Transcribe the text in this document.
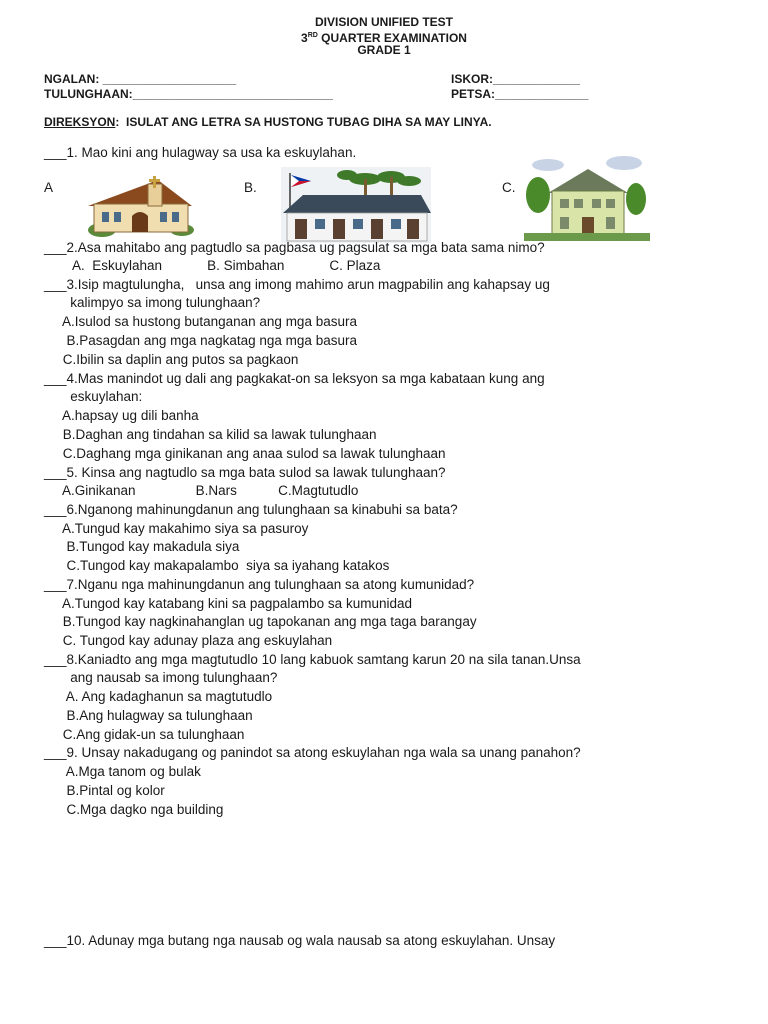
DIVISION UNIFIED TEST
3RD QUARTER EXAMINATION
GRADE 1
NGALAN: ____________________
TULUNGHAAN:______________________________
ISKOR:_____________
PETSA:______________
DIREKSYON:  ISULAT ANG LETRA SA HUSTONG TUBAG DIHA SA MAY LINYA.
___1. Mao kini ang hulagway sa usa ka eskuylahan.
A	B.	C.
___2.Asa mahitabo ang pagtudlo sa pagbasa ug pagsulat sa mga bata sama nimo?
A.  Eskuylahan            B. Simbahan            C. Plaza
___3.Isip magtulungha,   unsa ang imong mahimo arun magpabilin ang kahapsay ug
kalimpyo sa imong tulunghaan?
A.Isulod sa hustong butanganan ang mga basura
B.Pasagdan ang mga nagkatag nga mga basura
C.Ibilin sa daplin ang putos sa pagkaon
___4.Mas manindot ug dali ang pagkakat-on sa leksyon sa mga kabataan kung ang
eskuylahan:
A.hapsay ug dili banha
B.Daghan ang tindahan sa kilid sa lawak tulunghaan
C.Daghang mga ginikanan ang anaa sulod sa lawak tulunghaan
___5. Kinsa ang nagtudlo sa mga bata sulod sa lawak tulunghaan?
A.Ginikanan                B.Nars           C.Magtutudlo
___6.Nganong mahinungdanun ang tulunghaan sa kinabuhi sa bata?
A.Tungud kay makahimo siya sa pasuroy
B.Tungod kay makadula siya
C.Tungod kay makapalambo  siya sa iyahang katakos
___7.Nganu nga mahinungdanun ang tulunghaan sa atong kumunidad?
A.Tungod kay katabang kini sa pagpalambo sa kumunidad
B.Tungod kay nagkinahanglan ug tapokanan ang mga taga barangay
C. Tungod kay adunay plaza ang eskuylahan
___8.Kaniadto ang mga magtutudlo 10 lang kabuok samtang karun 20 na sila tanan.Unsa
ang nausab sa imong tulunghaan?
A. Ang kadaghanun sa magtutudlo
B.Ang hulagway sa tulunghaan
C.Ang gidak-un sa tulunghaan
___9. Unsay nakadugang og panindot sa atong eskuylahan nga wala sa unang panahon?
A.Mga tanom og bulak
B.Pintal og kolor
C.Mga dagko nga building
___10. Adunay mga butang nga nausab og wala nausab sa atong eskuylahan. Unsay
